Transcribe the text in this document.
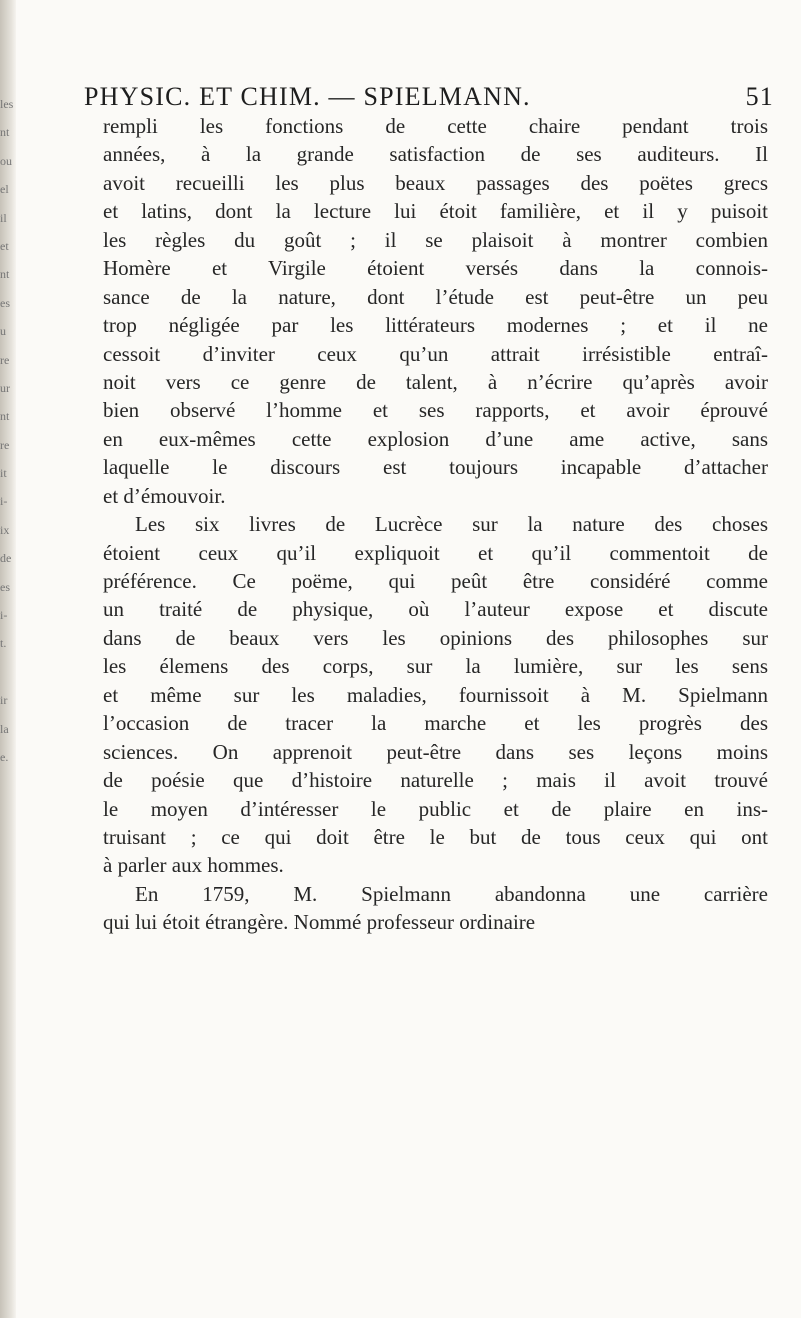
les
nt
ou
el
il
et
nt
es
u
re
ur
nt
re
it
i-
ix
de
es
i-
t.
ir
la
e.
PHYSIC. ET CHIM. — SPIELMANN.	51
rempli les fonctions de cette chaire pendant trois
années, à la grande satisfaction de ses auditeurs. Il
avoit recueilli les plus beaux passages des poëtes grecs
et latins, dont la lecture lui étoit familière, et il y puisoit
les règles du goût ; il se plaisoit à montrer combien
Homère et Virgile étoient versés dans la connois-
sance de la nature, dont l’étude est peut-être un peu
trop négligée par les littérateurs modernes ; et il ne
cessoit d’inviter ceux qu’un attrait irrésistible entraî-
noit vers ce genre de talent, à n’écrire qu’après avoir
bien observé l’homme et ses rapports, et avoir éprouvé
en eux-mêmes cette explosion d’une ame active, sans
laquelle le discours est toujours incapable d’attacher
et d’émouvoir.
Les six livres de Lucrèce sur la nature des choses
étoient ceux qu’il expliquoit et qu’il commentoit de
préférence. Ce poëme, qui peût être considéré comme
un traité de physique, où l’auteur expose et discute
dans de beaux vers les opinions des philosophes sur
les élemens des corps, sur la lumière, sur les sens
et même sur les maladies, fournissoit à M. Spielmann
l’occasion de tracer la marche et les progrès des
sciences. On apprenoit peut-être dans ses leçons moins
de poésie que d’histoire naturelle ; mais il avoit trouvé
le moyen d’intéresser le public et de plaire en ins-
truisant ; ce qui doit être le but de tous ceux qui ont
à parler aux hommes.
En 1759, M. Spielmann abandonna une carrière
qui lui étoit étrangère. Nommé professeur ordinaire
